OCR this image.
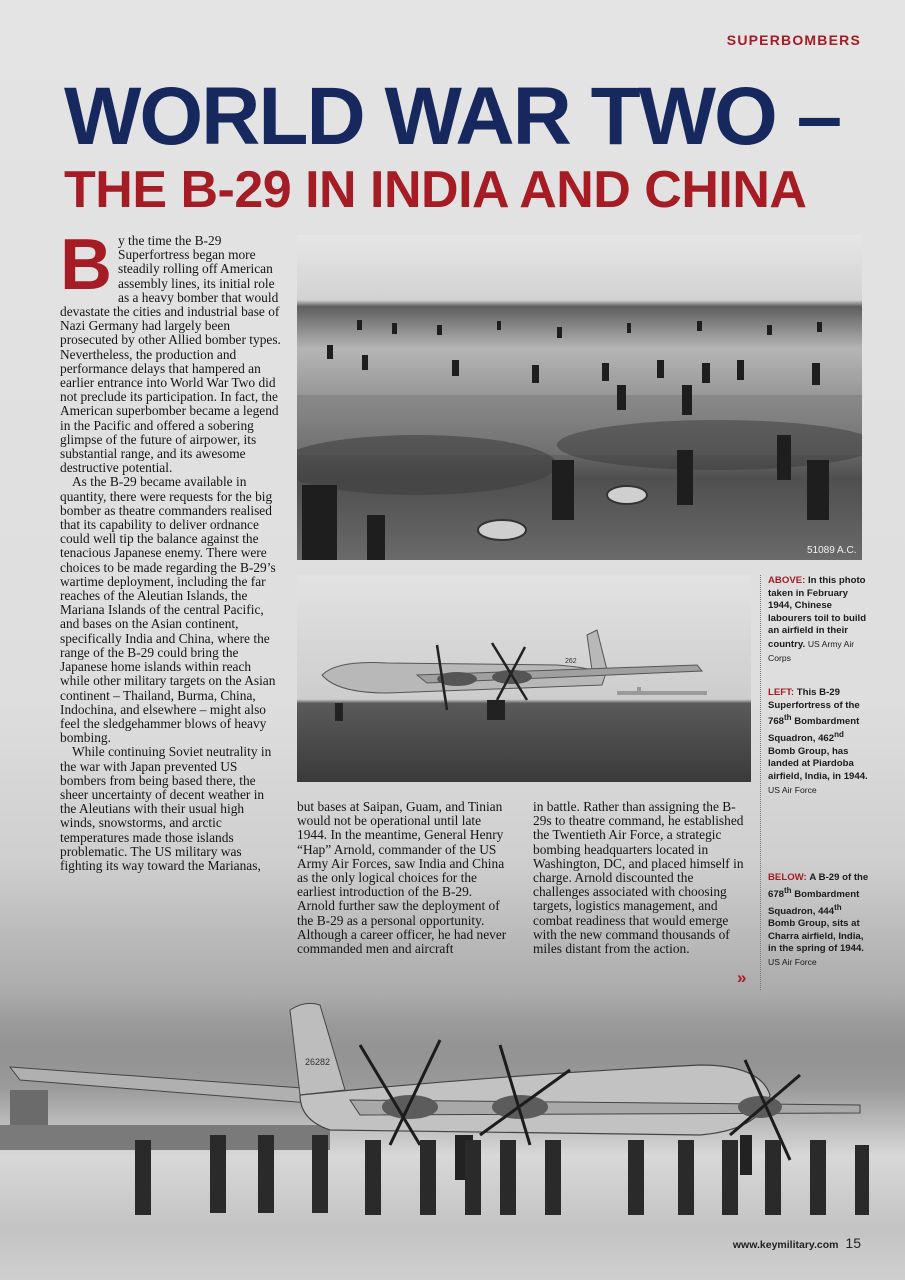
SUPERBOMBERS
WORLD WAR TWO –
THE B-29 IN INDIA AND CHINA
B y the time the B-29 Superfortress began more steadily rolling off American assembly lines, its initial role as a heavy bomber that would devastate the cities and industrial base of Nazi Germany had largely been prosecuted by other Allied bomber types. Nevertheless, the production and performance delays that hampered an earlier entrance into World War Two did not preclude its participation. In fact, the American superbomber became a legend in the Pacific and offered a sobering glimpse of the future of airpower, its substantial range, and its awesome destructive potential.

As the B-29 became available in quantity, there were requests for the big bomber as theatre commanders realised that its capability to deliver ordnance could well tip the balance against the tenacious Japanese enemy. There were choices to be made regarding the B-29’s wartime deployment, including the far reaches of the Aleutian Islands, the Mariana Islands of the central Pacific, and bases on the Asian continent, specifically India and China, where the range of the B-29 could bring the Japanese home islands within reach while other military targets on the Asian continent – Thailand, Burma, China, Indochina, and elsewhere – might also feel the sledgehammer blows of heavy bombing.

While continuing Soviet neutrality in the war with Japan prevented US bombers from being based there, the sheer uncertainty of decent weather in the Aleutians with their usual high winds, snowstorms, and arctic temperatures made those islands problematic. The US military was fighting its way toward the Marianas,

51089 A.C.
262
ABOVE: In this photo taken in February 1944, Chinese labourers toil to build an airfield in their country. US Army Air Corps
LEFT: This B-29 Superfortress of the 768th Bombardment Squadron, 462nd Bomb Group, has landed at Piardoba airfield, India, in 1944. US Air Force
BELOW: A B-29 of the 678th Bombardment Squadron, 444th Bomb Group, sits at Charra airfield, India, in the spring of 1944. US Air Force

but bases at Saipan, Guam, and Tinian would not be operational until late 1944. In the meantime, General Henry “Hap” Arnold, commander of the US Army Air Forces, saw India and China as the only logical choices for the earliest introduction of the B-29. Arnold further saw the deployment of the B-29 as a personal opportunity. Although a career officer, he had never commanded men and aircraft

in battle. Rather than assigning the B-29s to theatre command, he established the Twentieth Air Force, a strategic bombing headquarters located in Washington, DC, and placed himself in charge. Arnold discounted the challenges associated with choosing targets, logistics management, and combat readiness that would emerge with the new command thousands of miles distant from the action.

»
26282
www.keymilitary.com 15
